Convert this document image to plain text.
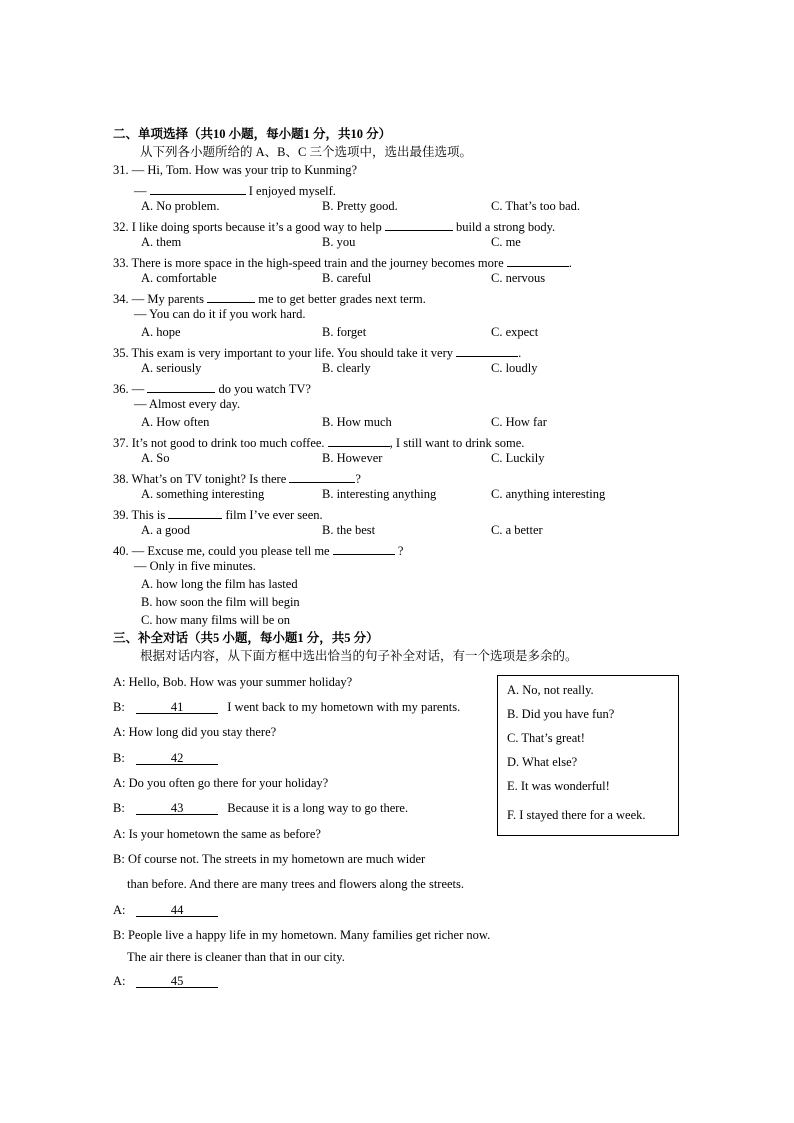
二、单项选择（共10 小题，每小题1 分，共10 分）
从下列各小题所给的 A、B、C 三个选项中，选出最佳选项。
31. — Hi, Tom. How was your trip to Kunming?
—	I enjoyed myself.
A. No problem.	B. Pretty good.	C. That’s too bad.
32. I like doing sports because it’s a good way to help	build a strong body.
A. them	B. you	C. me
33. There is more space in the high-speed train and the journey becomes more	.
A. comfortable	B. careful	C. nervous
34. — My parents	me to get better grades next term.
— You can do it if you work hard.
A. hope	B. forget	C. expect
35. This exam is very important to your life. You should take it very	.
A. seriously	B. clearly	C. loudly
36. —	do you watch TV?
— Almost every day.
A. How often	B. How much	C. How far
37. It’s not good to drink too much coffee.	, I still want to drink some.
A. So	B. However	C. Luckily
38. What’s on TV tonight? Is there	?
A. something interesting	B. interesting anything	C. anything interesting
39. This is	film I’ve ever seen.
A. a good	B. the best	C. a better
40. — Excuse me, could you please tell me	?
— Only in five minutes.
A. how long the film has lasted
B. how soon the film will begin
C. how many films will be on
三、补全对话（共5 小题，每小题1 分，共5 分）
根据对话内容，从下面方框中选出恰当的句子补全对话，有一个选项是多余的。
A: Hello, Bob. How was your summer holiday?
B:	41	I went back to my hometown with my parents.
A: How long did you stay there?
B:	42
A: Do you often go there for your holiday?
B:	43	Because it is a long way to go there.
A: Is your hometown the same as before?
B: Of course not. The streets in my hometown are much wider
than before. And there are many trees and flowers along the streets.
A:	44
B: People live a happy life in my hometown. Many families get richer now.
The air there is cleaner than that in our city.
A:	45
A. No, not really.
B. Did you have fun?
C. That’s great!
D. What else?
E. It was wonderful!
F. I stayed there for a week.
